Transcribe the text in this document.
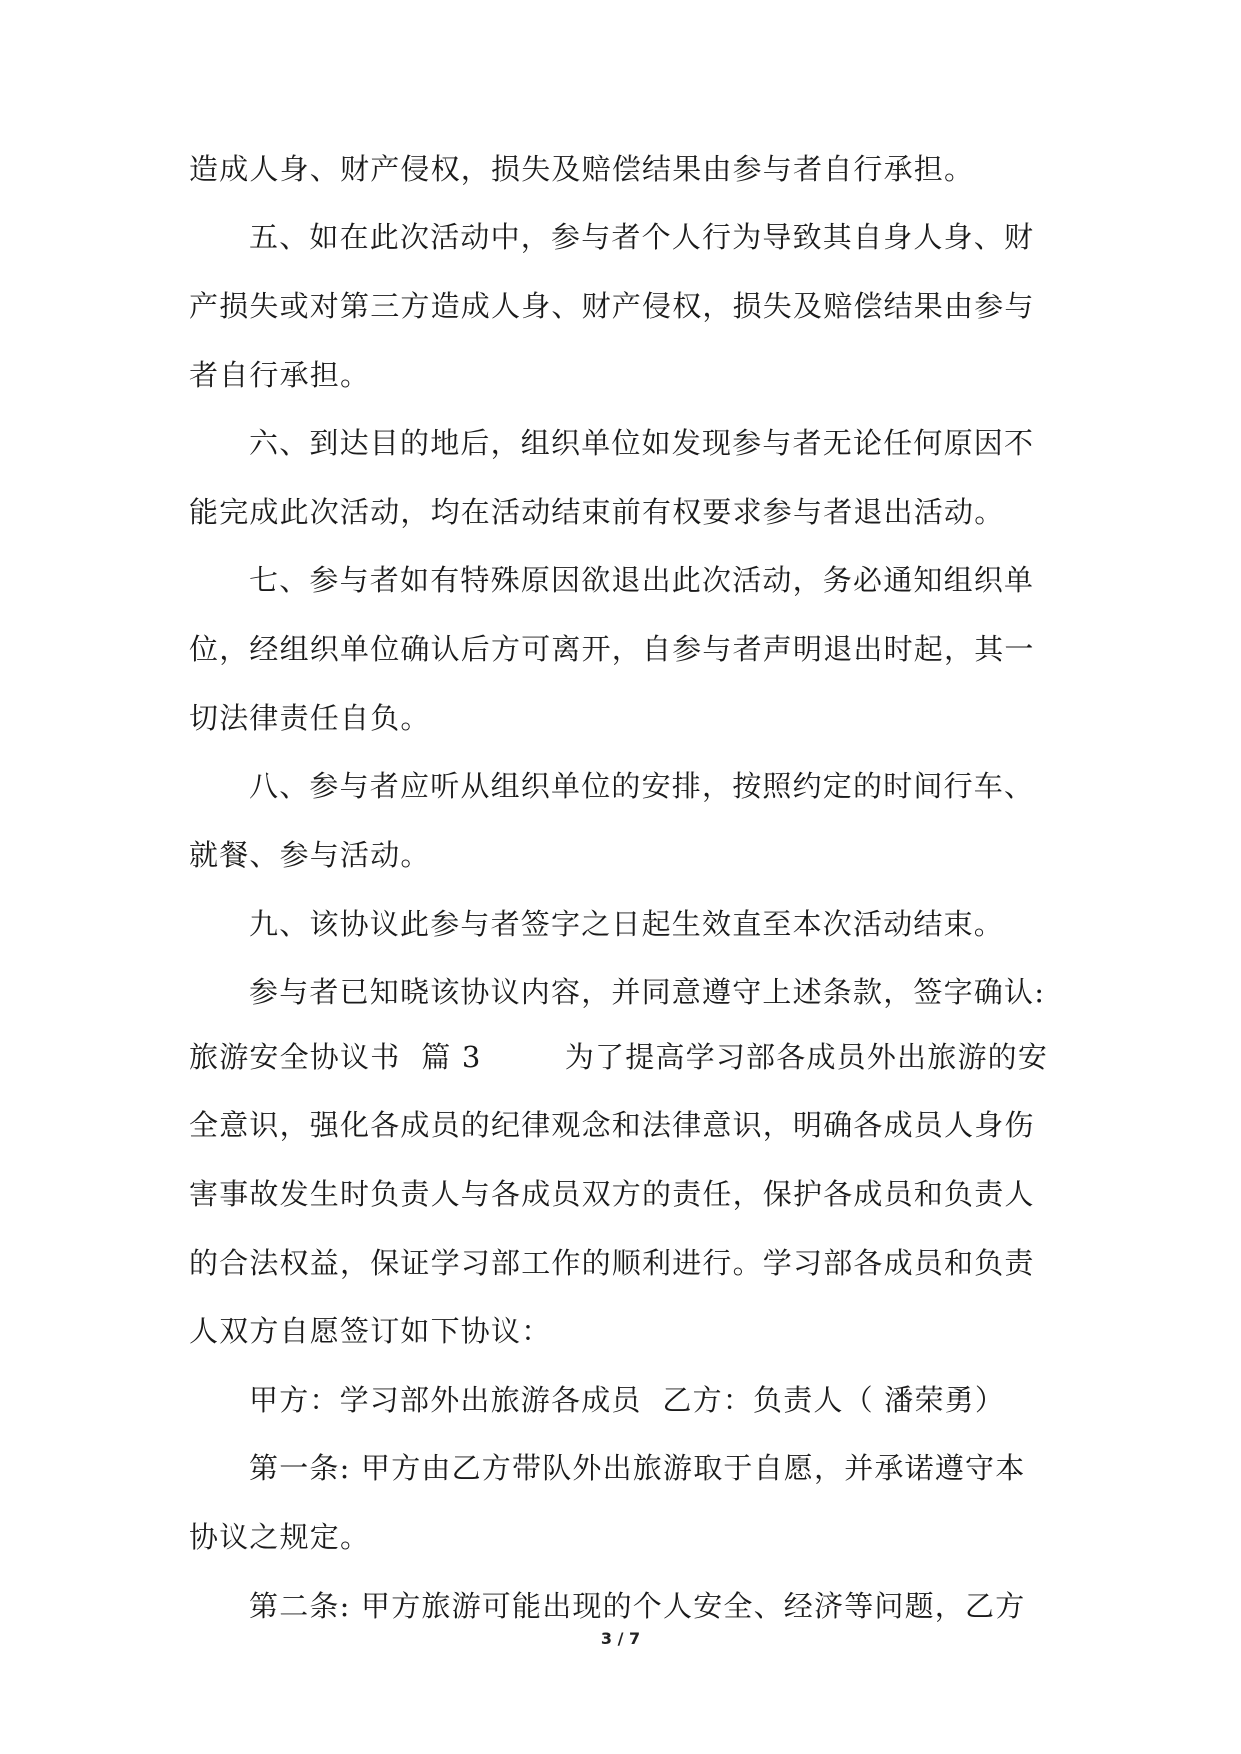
造成人身、财产侵权，损失及赔偿结果由参与者自行承担。
五、如在此次活动中，参与者个人行为导致其自身人身、财
产损失或对第三方造成人身、财产侵权，损失及赔偿结果由参与
者自行承担。
六、到达目的地后，组织单位如发现参与者无论任何原因不
能完成此次活动，均在活动结束前有权要求参与者退出活动。
七、参与者如有特殊原因欲退出此次活动，务必通知组织单
位，经组织单位确认后方可离开，自参与者声明退出时起，其一
切法律责任自负。
八、参与者应听从组织单位的安排，按照约定的时间行车、
就餐、参与活动。
九、该协议此参与者签字之日起生效直至本次活动结束。
参与者已知晓该协议内容，并同意遵守上述条款，签字确认:
旅游安全协议书  篇 3        为了提高学习部各成员外出旅游的安
全意识，强化各成员的纪律观念和法律意识，明确各成员人身伤
害事故发生时负责人与各成员双方的责任，保护各成员和负责人
的合法权益，保证学习部工作的顺利进行。学习部各成员和负责
人双方自愿签订如下协议：
甲方：学习部外出旅游各成员  乙方：负责人（ 潘荣勇）
第一条: 甲方由乙方带队外出旅游取于自愿，并承诺遵守本
协议之规定。
第二条: 甲方旅游可能出现的个人安全、经济等问题，乙方
3 / 7
